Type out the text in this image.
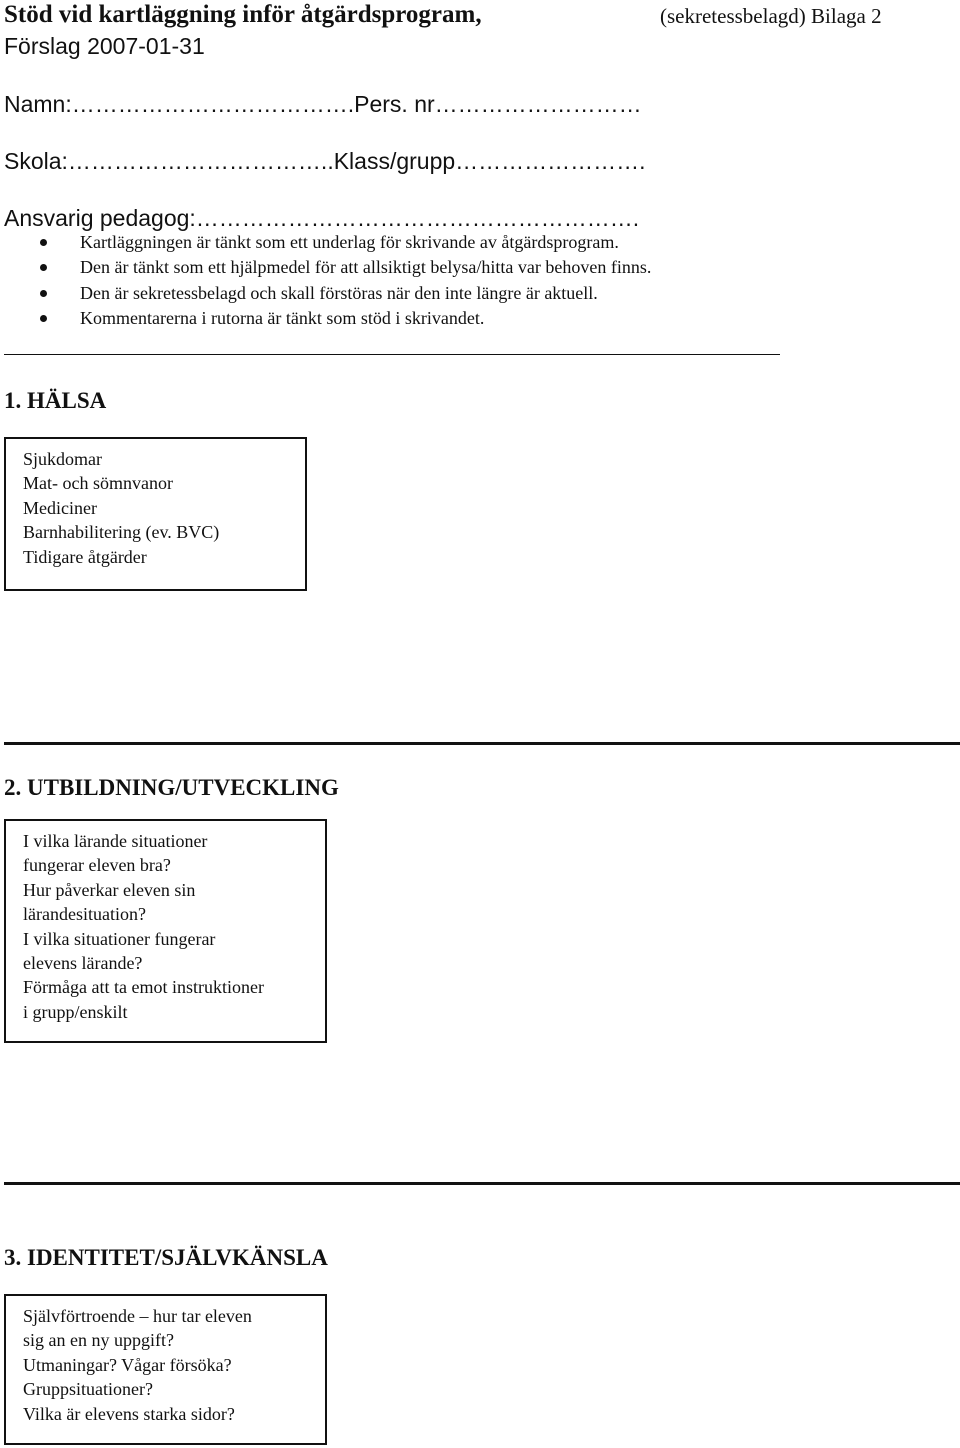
Stöd vid kartläggning inför åtgärdsprogram,	(sekretessbelagd) Bilaga 2
Förslag 2007-01-31
Namn:……………………………….Pers. nr………………………
Skola:……………………………..Klass/grupp…………………….
Ansvarig pedagog:………………………………………………….
Kartläggningen är tänkt som ett underlag för skrivande av åtgärdsprogram.
Den är tänkt som ett hjälpmedel för att allsiktigt belysa/hitta var behoven finns.
Den är sekretessbelagd och skall förstöras när den inte längre är aktuell.
Kommentarerna i rutorna är tänkt som stöd i skrivandet.
1. HÄLSA
Sjukdomar
Mat- och sömnvanor
Mediciner
Barnhabilitering (ev. BVC)
Tidigare åtgärder
2. UTBILDNING/UTVECKLING
I vilka lärande situationer
fungerar eleven bra?
Hur påverkar eleven sin
lärandesituation?
I vilka situationer fungerar
elevens lärande?
Förmåga att ta emot instruktioner
i grupp/enskilt
3. IDENTITET/SJÄLVKÄNSLA
Självförtroende – hur tar eleven
sig an en ny uppgift?
Utmaningar? Vågar försöka?
Gruppsituationer?
Vilka är elevens starka sidor?
